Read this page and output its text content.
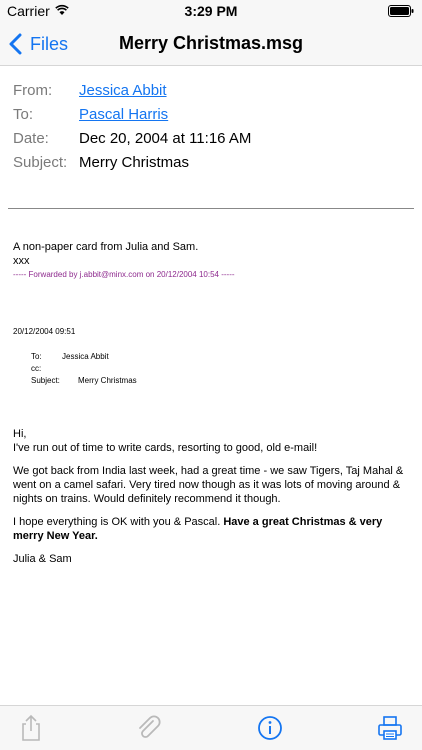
Carrier	3:29 PM
Files	Merry Christmas.msg
From:	Jessica Abbit
To:	Pascal Harris
Date:	Dec 20, 2004 at 11:16 AM
Subject: Merry Christmas
A non-paper card from Julia and Sam.
xxx
----- Forwarded by j.abbit@minx.com on 20/12/2004 10:54 -----
20/12/2004 09:51
To:	Jessica Abbit
cc:
Subject:	Merry Christmas

Hi,
I've run out of time to write cards, resorting to good, old e-mail!

We got back from India last week, had a great time - we saw Tigers, Taj Mahal & went on a camel safari. Very tired now though as it was lots of moving around & nights on trains. Would definitely recommend it though.

I hope everything is OK with you & Pascal. Have a great Christmas & very merry New Year.

Julia & Sam
